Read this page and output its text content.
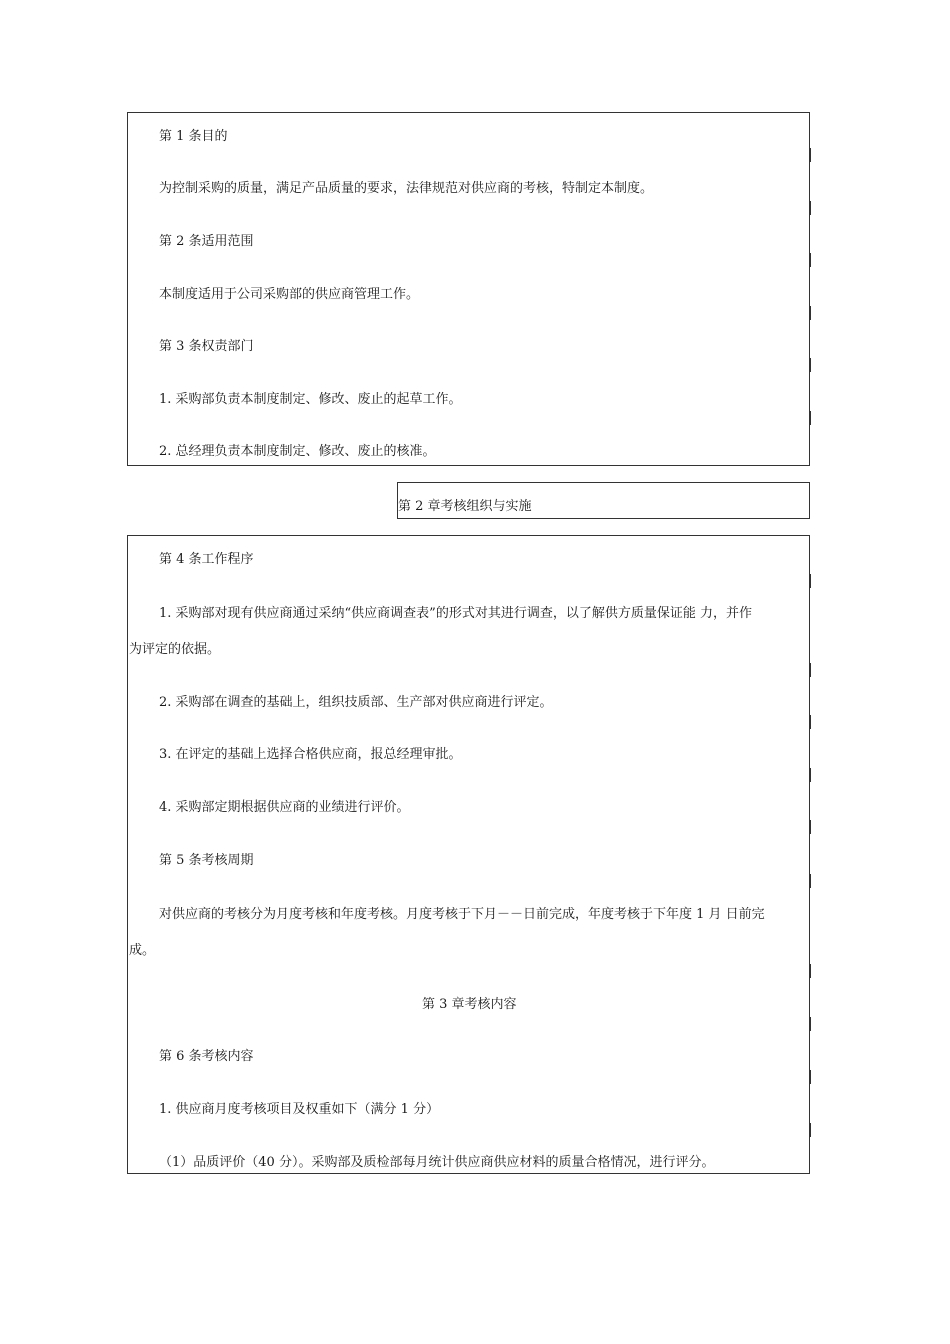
第 1 条目的
为控制采购的质量，满足产品质量的要求，法律规范对供应商的考核，特制定本制度。
第 2 条适用范围
本制度适用于公司采购部的供应商管理工作。
第 3 条权责部门
1. 采购部负责本制度制定、修改、废止的起草工作。
2. 总经理负责本制度制定、修改、废止的核准。
第 2 章考核组织与实施
第 4 条工作程序
1. 采购部对现有供应商通过采纳“供应商调查表”的形式对其进行调查，以了解供方质量保证能 力，并作
为评定的依据。
2. 采购部在调查的基础上，组织技质部、生产部对供应商进行评定。
3. 在评定的基础上选择合格供应商，报总经理审批。
4. 采购部定期根据供应商的业绩进行评价。
第 5 条考核周期
对供应商的考核分为月度考核和年度考核。月度考核于下月－－日前完成，年度考核于下年度 1 月 日前完
成。
第 3 章考核内容
第 6 条考核内容
1. 供应商月度考核项目及权重如下（满分 1 分）
（1）品质评价（40 分）。采购部及质检部每月统计供应商供应材料的质量合格情况，进行评分。
